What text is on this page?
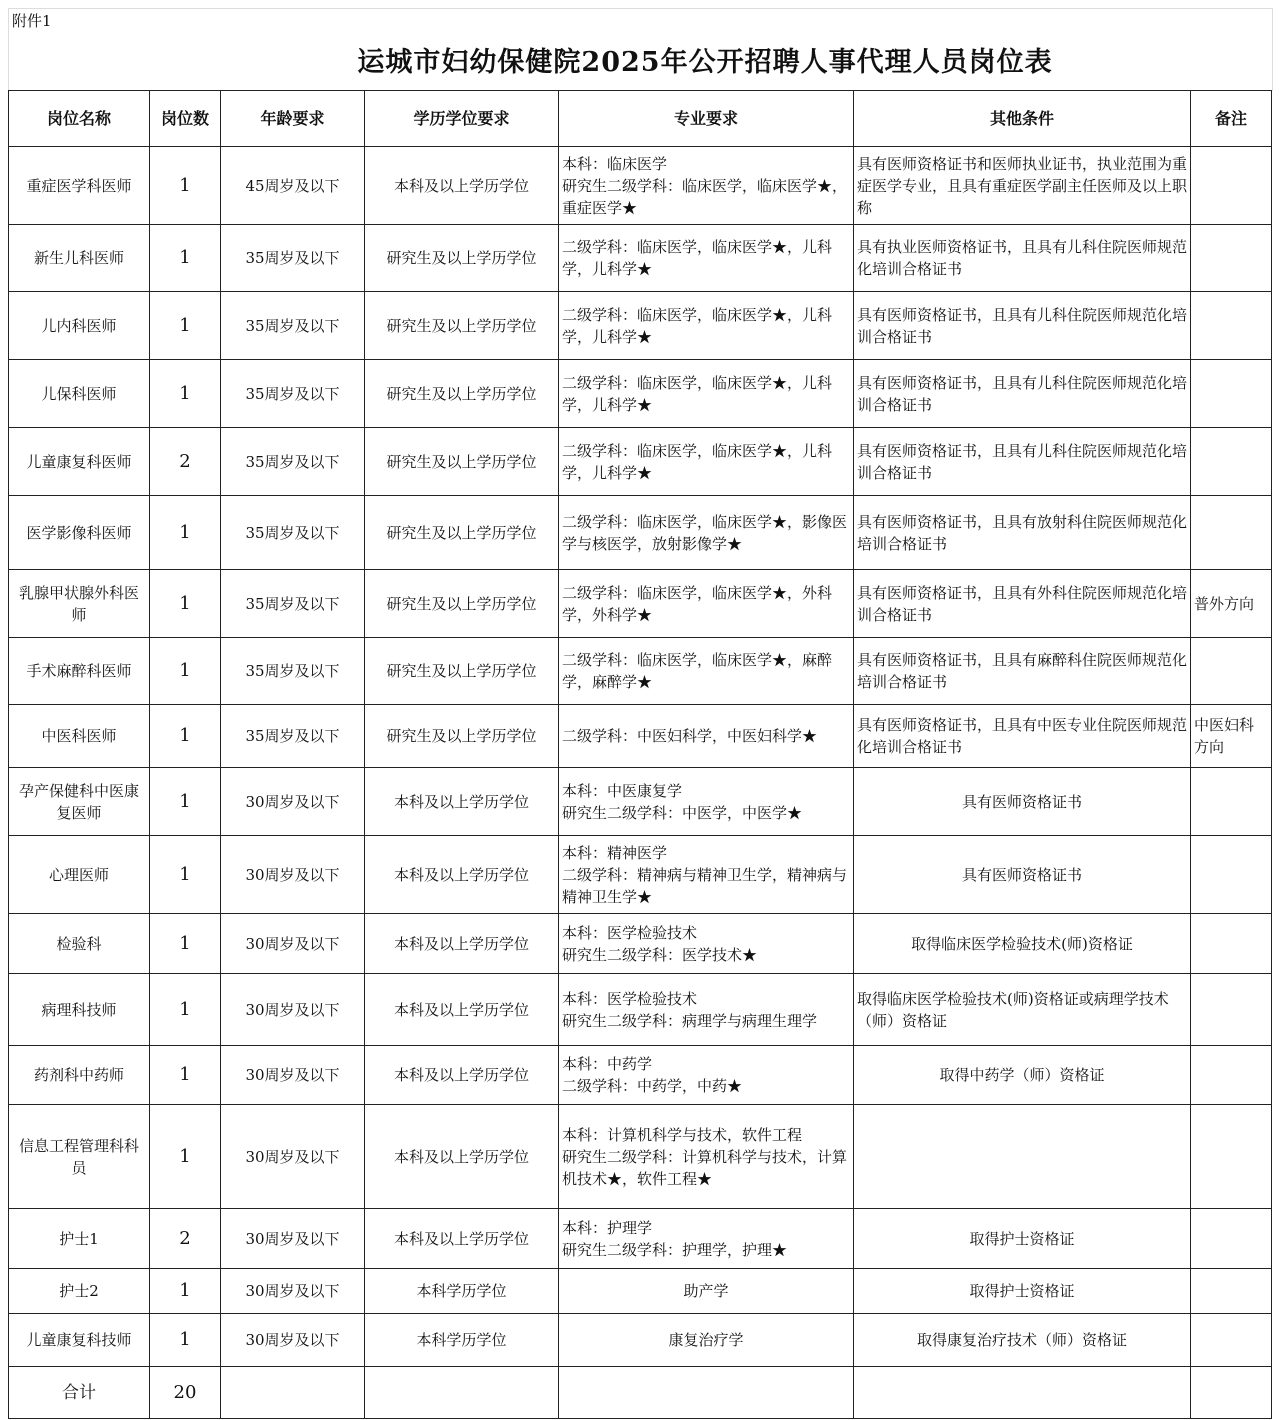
附件1
运城市妇幼保健院2025年公开招聘人事代理人员岗位表
岗位名称	岗位数	年龄要求	学历学位要求	专业要求	其他条件	备注
重症医学科医师	1	45周岁及以下	本科及以上学历学位	本科：临床医学
研究生二级学科：临床医学，临床医学★，重症医学★	具有医师资格证书和医师执业证书，执业范围为重症医学专业，且具有重症医学副主任医师及以上职称	
新生儿科医师	1	35周岁及以下	研究生及以上学历学位	二级学科：临床医学，临床医学★，儿科学，儿科学★	具有执业医师资格证书，且具有儿科住院医师规范化培训合格证书	
儿内科医师	1	35周岁及以下	研究生及以上学历学位	二级学科：临床医学，临床医学★，儿科学，儿科学★	具有医师资格证书，且具有儿科住院医师规范化培训合格证书	
儿保科医师	1	35周岁及以下	研究生及以上学历学位	二级学科：临床医学，临床医学★，儿科学，儿科学★	具有医师资格证书，且具有儿科住院医师规范化培训合格证书	
儿童康复科医师	2	35周岁及以下	研究生及以上学历学位	二级学科：临床医学，临床医学★，儿科学，儿科学★	具有医师资格证书，且具有儿科住院医师规范化培训合格证书	
医学影像科医师	1	35周岁及以下	研究生及以上学历学位	二级学科：临床医学，临床医学★，影像医学与核医学，放射影像学★	具有医师资格证书，且具有放射科住院医师规范化培训合格证书	
乳腺甲状腺外科医师	1	35周岁及以下	研究生及以上学历学位	二级学科：临床医学，临床医学★，外科学，外科学★	具有医师资格证书，且具有外科住院医师规范化培训合格证书	普外方向
手术麻醉科医师	1	35周岁及以下	研究生及以上学历学位	二级学科：临床医学，临床医学★，麻醉学，麻醉学★	具有医师资格证书，且具有麻醉科住院医师规范化培训合格证书	
中医科医师	1	35周岁及以下	研究生及以上学历学位	二级学科：中医妇科学，中医妇科学★	具有医师资格证书，且具有中医专业住院医师规范化培训合格证书	中医妇科方向
孕产保健科中医康复医师	1	30周岁及以下	本科及以上学历学位	本科：中医康复学
研究生二级学科：中医学，中医学★	具有医师资格证书	
心理医师	1	30周岁及以下	本科及以上学历学位	本科：精神医学
二级学科：精神病与精神卫生学，精神病与精神卫生学★	具有医师资格证书	
检验科	1	30周岁及以下	本科及以上学历学位	本科：医学检验技术
研究生二级学科：医学技术★	取得临床医学检验技术(师)资格证	
病理科技师	1	30周岁及以下	本科及以上学历学位	本科：医学检验技术
研究生二级学科：病理学与病理生理学	取得临床医学检验技术(师)资格证或病理学技术（师）资格证	
药剂科中药师	1	30周岁及以下	本科及以上学历学位	本科：中药学
二级学科：中药学，中药★	取得中药学（师）资格证	
信息工程管理科科员	1	30周岁及以下	本科及以上学历学位	本科：计算机科学与技术，软件工程
研究生二级学科：计算机科学与技术，计算机技术★，软件工程★		
护士1	2	30周岁及以下	本科及以上学历学位	本科：护理学
研究生二级学科：护理学，护理★	取得护士资格证	
护士2	1	30周岁及以下	本科学历学位	助产学	取得护士资格证	
儿童康复科技师	1	30周岁及以下	本科学历学位	康复治疗学	取得康复治疗技术（师）资格证	
合计	20					
